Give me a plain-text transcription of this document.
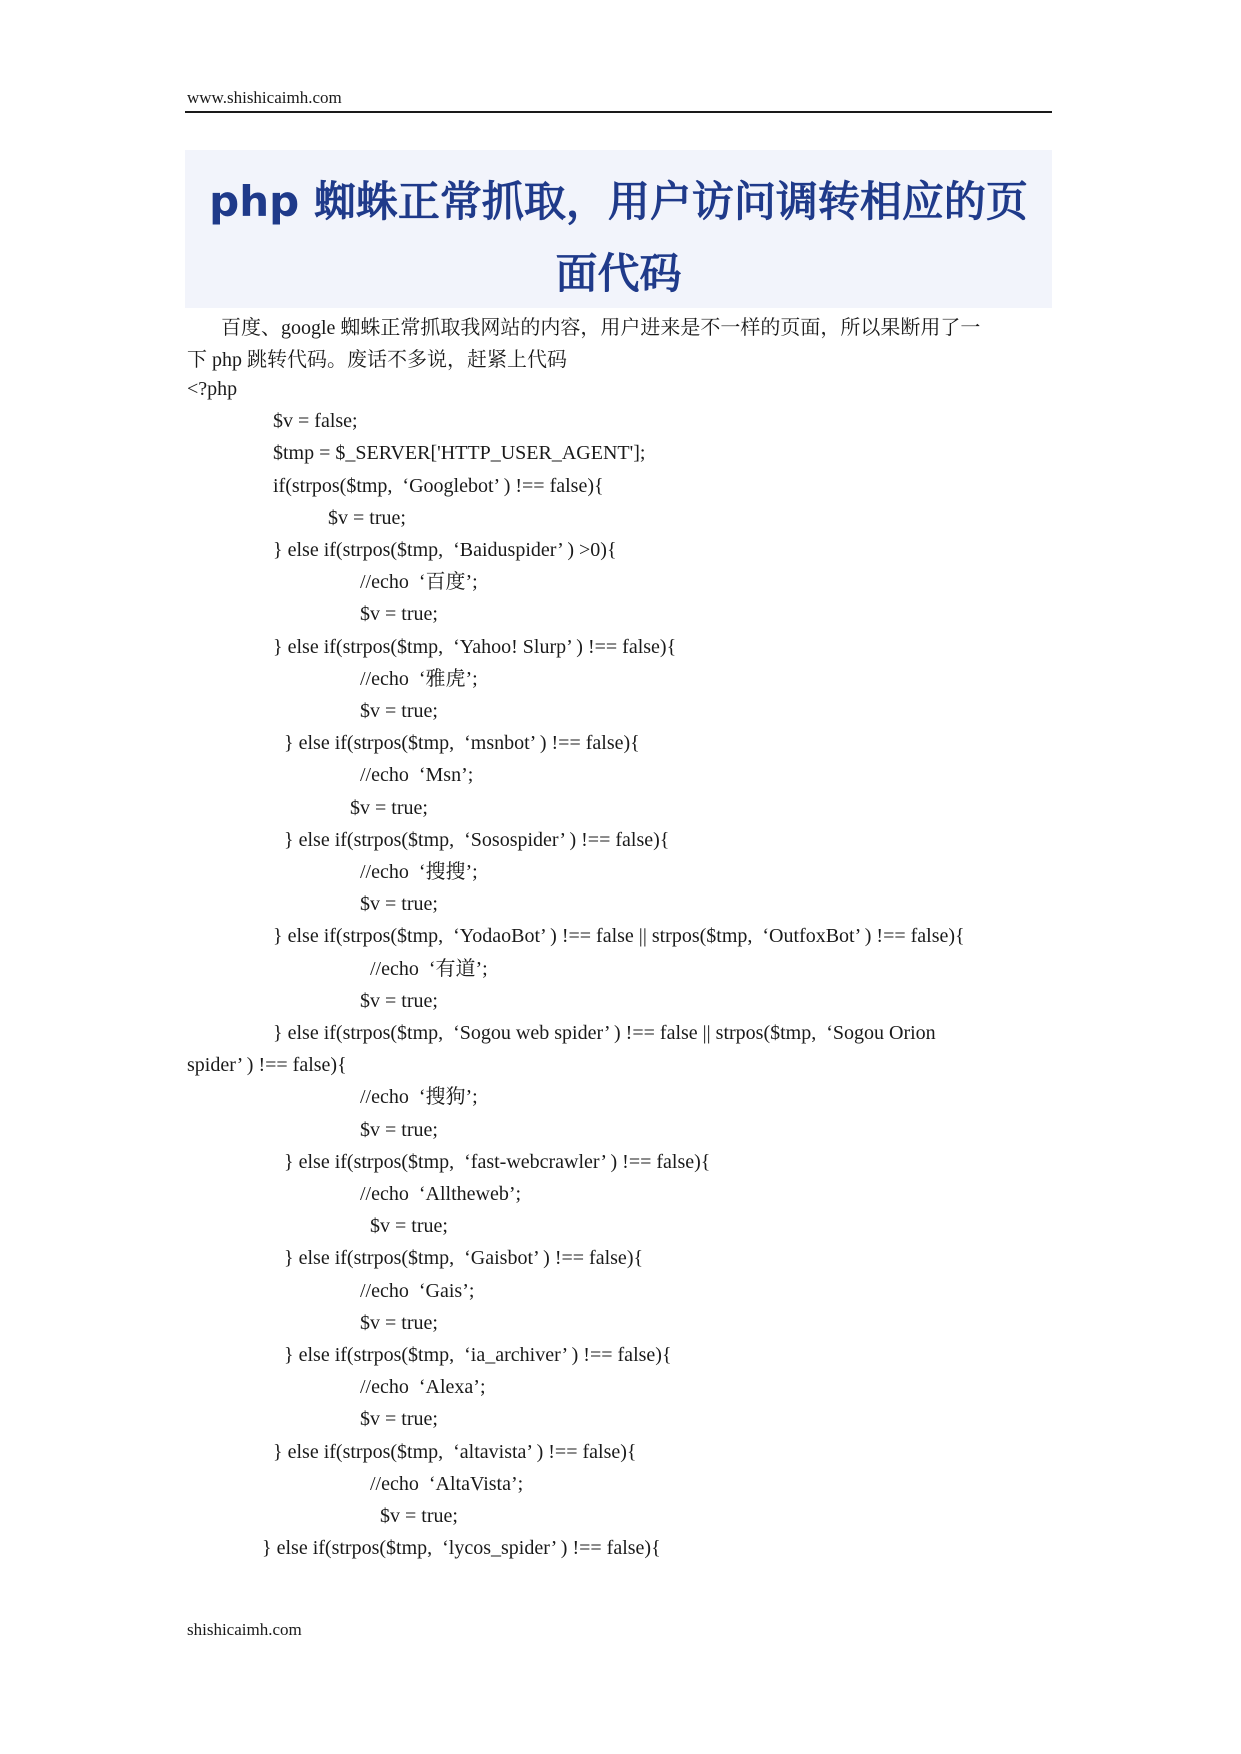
www.shishicaimh.com
php 蜘蛛正常抓取，用户访问调转相应的页
面代码

百度、google 蜘蛛正常抓取我网站的内容，用户进来是不一样的页面，所以果断用了一

下 php 跳转代码。废话不多说，赶紧上代码

<?php
$v = false;
$tmp = $_SERVER['HTTP_USER_AGENT'];
if(strpos($tmp,  ‘Googlebot’ ) !== false){
$v = true;
} else if(strpos($tmp,  ‘Baiduspider’ ) >0){
//echo  ‘百度’;
$v = true;
} else if(strpos($tmp,  ‘Yahoo! Slurp’ ) !== false){
//echo  ‘雅虎’;
$v = true;
} else if(strpos($tmp,  ‘msnbot’ ) !== false){
//echo  ‘Msn’;
$v = true;
} else if(strpos($tmp,  ‘Sosospider’ ) !== false){
//echo  ‘搜搜’;
$v = true;
} else if(strpos($tmp,  ‘YodaoBot’ ) !== false || strpos($tmp,  ‘OutfoxBot’ ) !== false){
//echo  ‘有道’;
$v = true;
} else if(strpos($tmp,  ‘Sogou web spider’ ) !== false || strpos($tmp,  ‘Sogou Orion
spider’ ) !== false){
//echo  ‘搜狗’;
$v = true;
} else if(strpos($tmp,  ‘fast-webcrawler’ ) !== false){
//echo  ‘Alltheweb’;
$v = true;
} else if(strpos($tmp,  ‘Gaisbot’ ) !== false){
//echo  ‘Gais’;
$v = true;
} else if(strpos($tmp,  ‘ia_archiver’ ) !== false){
//echo  ‘Alexa’;
$v = true;
} else if(strpos($tmp,  ‘altavista’ ) !== false){
//echo  ‘AltaVista’;
$v = true;
} else if(strpos($tmp,  ‘lycos_spider’ ) !== false){
shishicaimh.com
